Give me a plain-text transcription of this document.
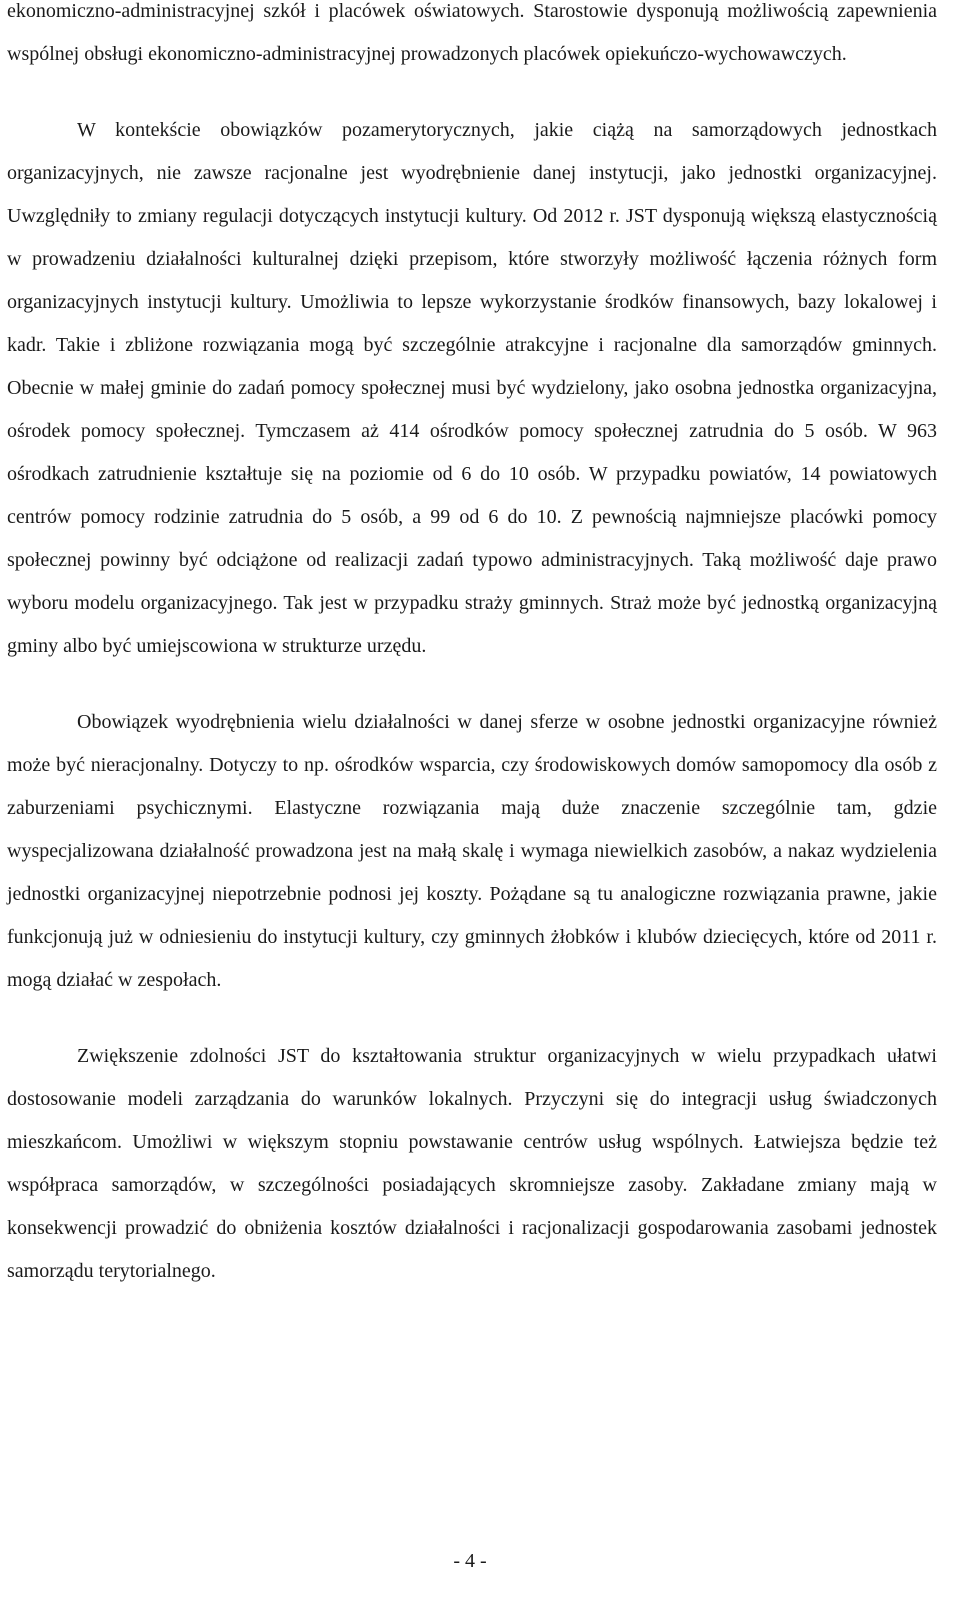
ekonomiczno-administracyjnej szkół i placówek oświatowych. Starostowie dysponują możliwością zapewnienia wspólnej obsługi ekonomiczno-administracyjnej prowadzonych placówek opiekuńczo-wychowawczych.

W kontekście obowiązków pozamerytorycznych, jakie ciążą na samorządowych jednostkach organizacyjnych, nie zawsze racjonalne jest wyodrębnienie danej instytucji, jako jednostki organizacyjnej. Uwzględniły to zmiany regulacji dotyczących instytucji kultury. Od 2012 r. JST dysponują większą elastycznością w prowadzeniu działalności kulturalnej dzięki przepisom, które stworzyły możliwość łączenia różnych form organizacyjnych instytucji kultury. Umożliwia to lepsze wykorzystanie środków finansowych, bazy lokalowej i kadr. Takie i zbliżone rozwiązania mogą być szczególnie atrakcyjne i racjonalne dla samorządów gminnych. Obecnie w małej gminie do zadań pomocy społecznej musi być wydzielony, jako osobna jednostka organizacyjna, ośrodek pomocy społecznej. Tymczasem aż 414 ośrodków pomocy społecznej zatrudnia do 5 osób. W 963 ośrodkach zatrudnienie kształtuje się na poziomie od 6 do 10 osób. W przypadku powiatów, 14 powiatowych centrów pomocy rodzinie zatrudnia do 5 osób, a 99 od 6 do 10. Z pewnością najmniejsze placówki pomocy społecznej powinny być odciążone od realizacji zadań typowo administracyjnych. Taką możliwość daje prawo wyboru modelu organizacyjnego. Tak jest w przypadku straży gminnych. Straż może być jednostką organizacyjną gminy albo być umiejscowiona w strukturze urzędu.

Obowiązek wyodrębnienia wielu działalności w danej sferze w osobne jednostki organizacyjne również może być nieracjonalny. Dotyczy to np. ośrodków wsparcia, czy środowiskowych domów samopomocy dla osób z zaburzeniami psychicznymi. Elastyczne rozwiązania mają duże znaczenie szczególnie tam, gdzie wyspecjalizowana działalność prowadzona jest na małą skalę i wymaga niewielkich zasobów, a nakaz wydzielenia jednostki organizacyjnej niepotrzebnie podnosi jej koszty. Pożądane są tu analogiczne rozwiązania prawne, jakie funkcjonują już w odniesieniu do instytucji kultury, czy gminnych żłobków i klubów dziecięcych, które od 2011 r. mogą działać w zespołach.

Zwiększenie zdolności JST do kształtowania struktur organizacyjnych w wielu przypadkach ułatwi dostosowanie modeli zarządzania do warunków lokalnych. Przyczyni się do integracji usług świadczonych mieszkańcom. Umożliwi w większym stopniu powstawanie centrów usług wspólnych. Łatwiejsza będzie też współpraca samorządów, w szczególności posiadających skromniejsze zasoby. Zakładane zmiany mają w konsekwencji prowadzić do obniżenia kosztów działalności i racjonalizacji gospodarowania zasobami jednostek samorządu terytorialnego.

- 4 -
